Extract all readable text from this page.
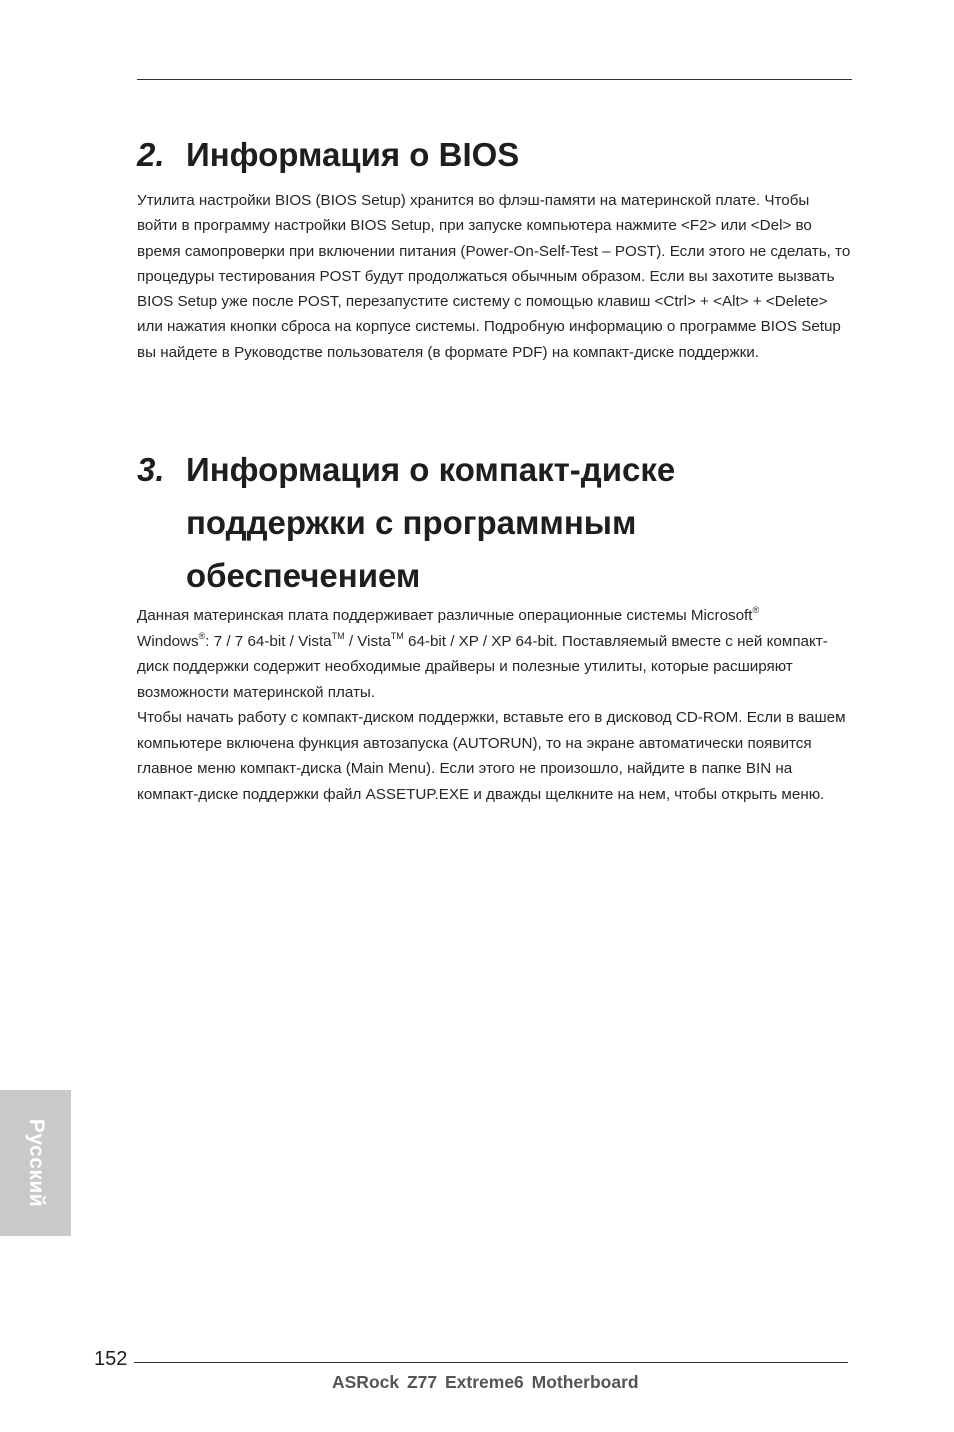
2. Информация о BIOS

Утилита настройки BIOS (BIOS Setup) хранится во флэш-памяти на материнской плате. Чтобы войти в программу настройки BIOS Setup, при запуске компьютера нажмите <F2> или <Del> во время самопроверки при включении питания (Power-On-Self-Test – POST). Если этого не сделать, то процедуры тестирования POST будут продолжаться обычным образом. Если вы захотите вызвать BIOS Setup уже после POST, перезапустите систему с помощью клавиш <Ctrl> + <Alt> + <Delete> или нажатия кнопки сброса на корпусе системы. Подробную информацию о программе BIOS Setup вы найдете в Руководстве пользователя (в формате PDF) на компакт-диске поддержки.

3. Информация о компакт-диске
поддержки с программным
обеспечением

Данная материнская плата поддерживает различные операционные системы Microsoft®
Windows®: 7 / 7 64-bit / Vista™ / Vista™ 64-bit / XP / XP 64-bit. Поставляемый вместе с ней компакт-диск поддержки содержит необходимые драйверы и полезные утилиты, которые расширяют возможности материнской платы.
Чтобы начать работу с компакт-диском поддержки, вставьте его в дисковод CD-ROM. Если в вашем компьютере включена функция автозапуска (AUTORUN), то на экране автоматически появится главное меню компакт-диска (Main Menu). Если этого не произошло, найдите в папке BIN на компакт-диске поддержки файл ASSETUP.EXE и дважды щелкните на нем, чтобы открыть меню.

Русский
152
ASRock Z77 Extreme6 Motherboard
